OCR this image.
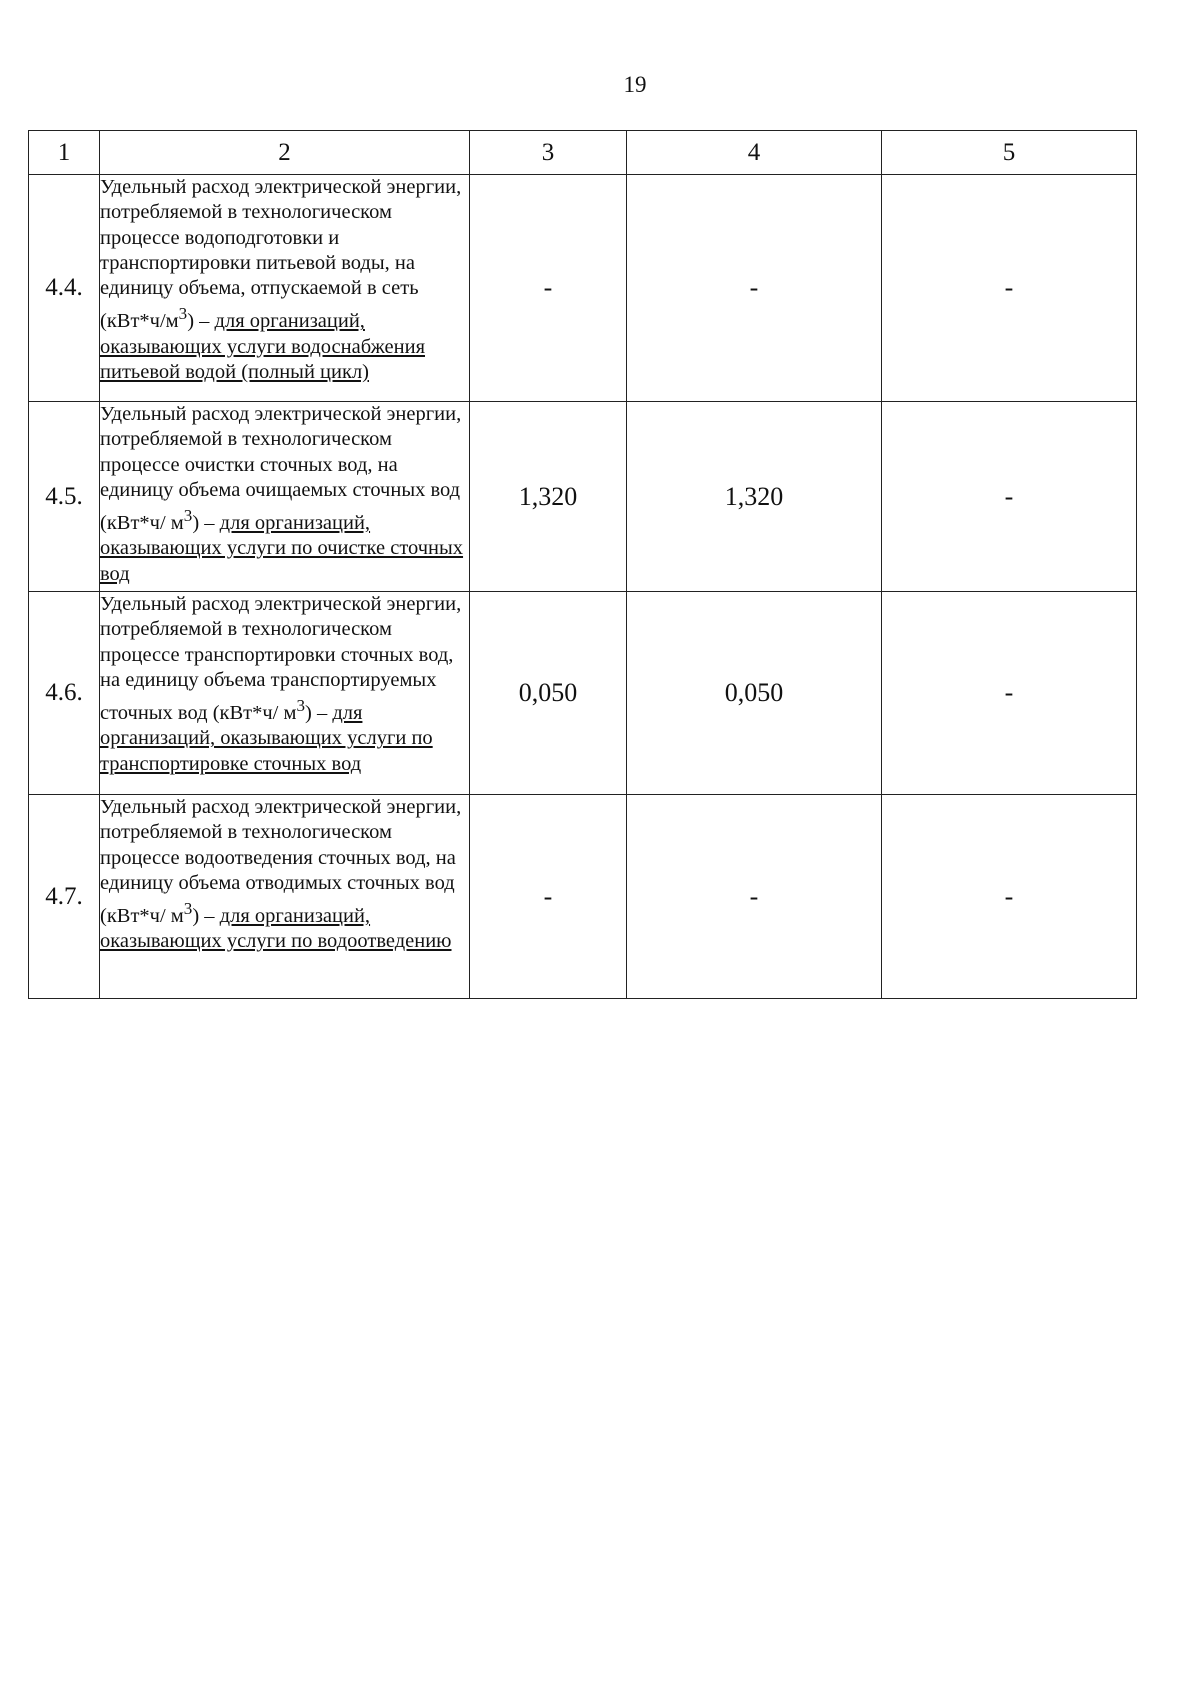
19
1	2	3	4	5
4.4.	Удельный расход электрической энергии, потребляемой в технологическом процессе водоподготовки и транспортировки питьевой воды, на единицу объема, отпускаемой в сеть $(кВт*ч/м^3)$ – для организаций, оказывающих услуги водоснабжения питьевой водой (полный цикл)	-	-	-
4.5.	Удельный расход электрической энергии, потребляемой в технологическом процессе очистки сточных вод, на единицу объема очищаемых сточных вод (кВт*ч/ $м^3$) – для организаций, оказывающих услуги по очистке сточных вод	1,320	1,320	-
4.6.	Удельный расход электрической энергии, потребляемой в технологическом процессе транспортировки сточных вод, на единицу объема транспортируемых сточных вод (кВт*ч/ $м^3$) – для организаций, оказывающих услуги по транспортировке сточных вод	0,050	0,050	-
4.7.	Удельный расход электрической энергии, потребляемой в технологическом процессе водоотведения сточных вод, на единицу объема отводимых сточных вод (кВт*ч/ $м^3$) – для организаций, оказывающих услуги по водоотведению	-	-	-
